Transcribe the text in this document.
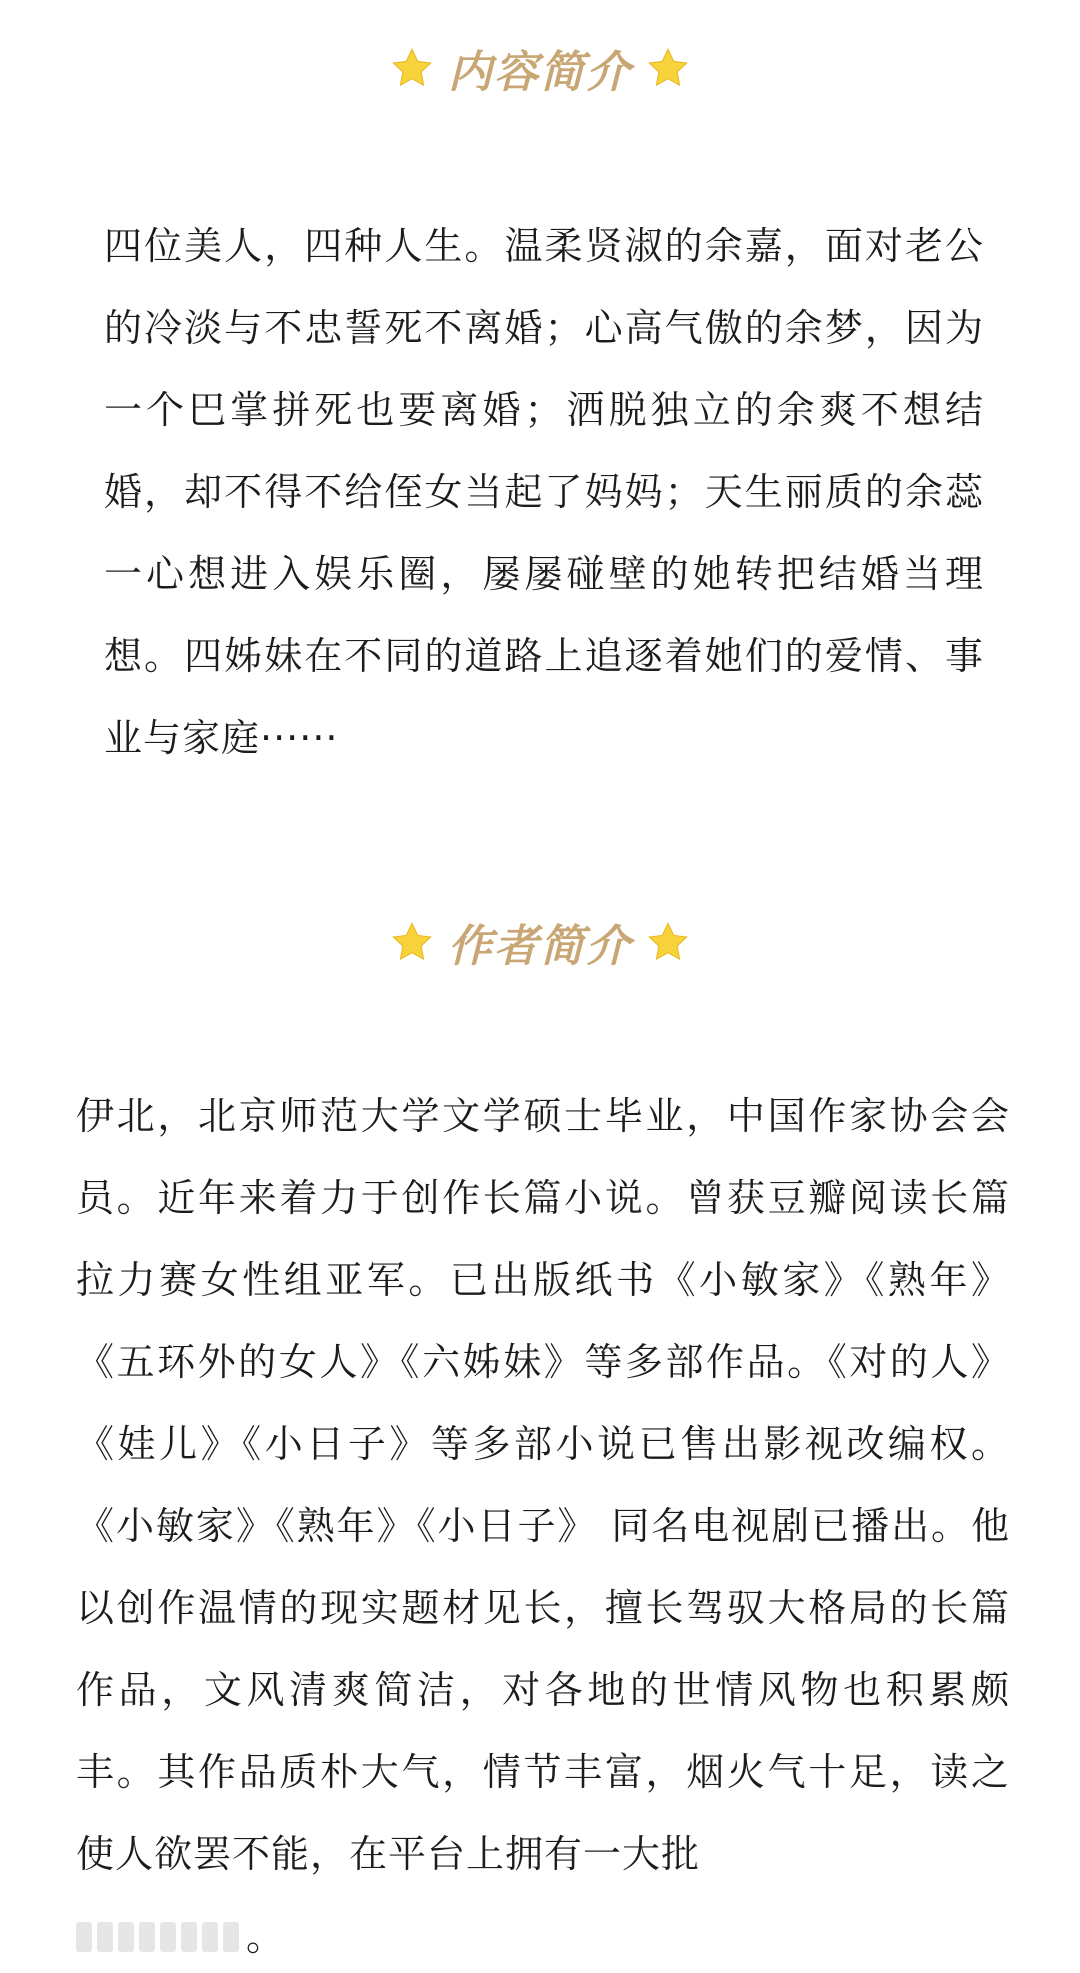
内容简介
四位美人，四种人生。温柔贤淑的余嘉，面对老公的冷淡与不忠誓死不离婚；心高气傲的余梦，因为一个巴掌拼死也要离婚；洒脱独立的余爽不想结婚，却不得不给侄女当起了妈妈；天生丽质的余蕊一心想进入娱乐圈，屡屡碰壁的她转把结婚当理想。四姊妹在不同的道路上追逐着她们的爱情、事业与家庭······
作者简介
伊北，北京师范大学文学硕士毕业，中国作家协会会员。近年来着力于创作长篇小说。曾获豆瓣阅读长篇拉力赛女性组亚军。已出版纸书《小敏家》《熟年》《五环外的女人》《六姊妹》等多部作品。《对的人》《娃儿》《小日子》等多部小说已售出影视改编权。《小敏家》《熟年》《小日子》 同名电视剧已播出。他以创作温情的现实题材见长，擅长驾驭大格局的长篇作品，文风清爽简洁，对各地的世情风物也积累颇丰。其作品质朴大气，情节丰富，烟火气十足，读之使人欲罢不能，在平台上拥有一大批
。
